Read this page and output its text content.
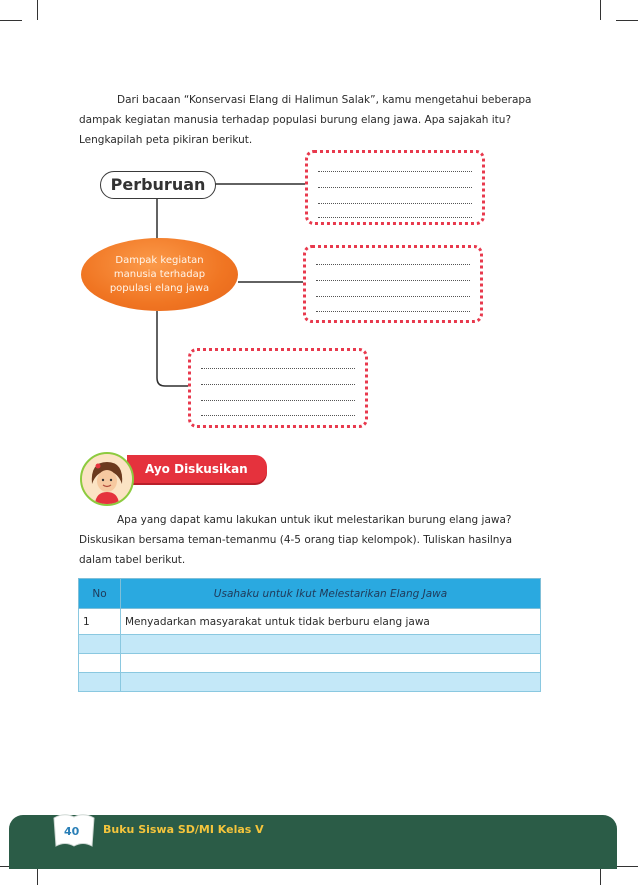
Dari bacaan “Konservasi Elang di Halimun Salak”, kamu mengetahui beberapa
dampak kegiatan manusia terhadap populasi burung elang jawa. Apa sajakah itu?
Lengkapilah peta pikiran berikut.

Perburuan
Dampak kegiatan manusia terhadap populasi elang jawa
Ayo Diskusikan

Apa yang dapat kamu lakukan untuk ikut melestarikan burung elang jawa?
Diskusikan bersama teman-temanmu (4-5 orang tiap kelompok). Tuliskan hasilnya
dalam tabel berikut.

No	Usahaku untuk Ikut Melestarikan Elang Jawa
1	Menyadarkan masyarakat untuk tidak berburu elang jawa

40 Buku Siswa SD/MI Kelas V
